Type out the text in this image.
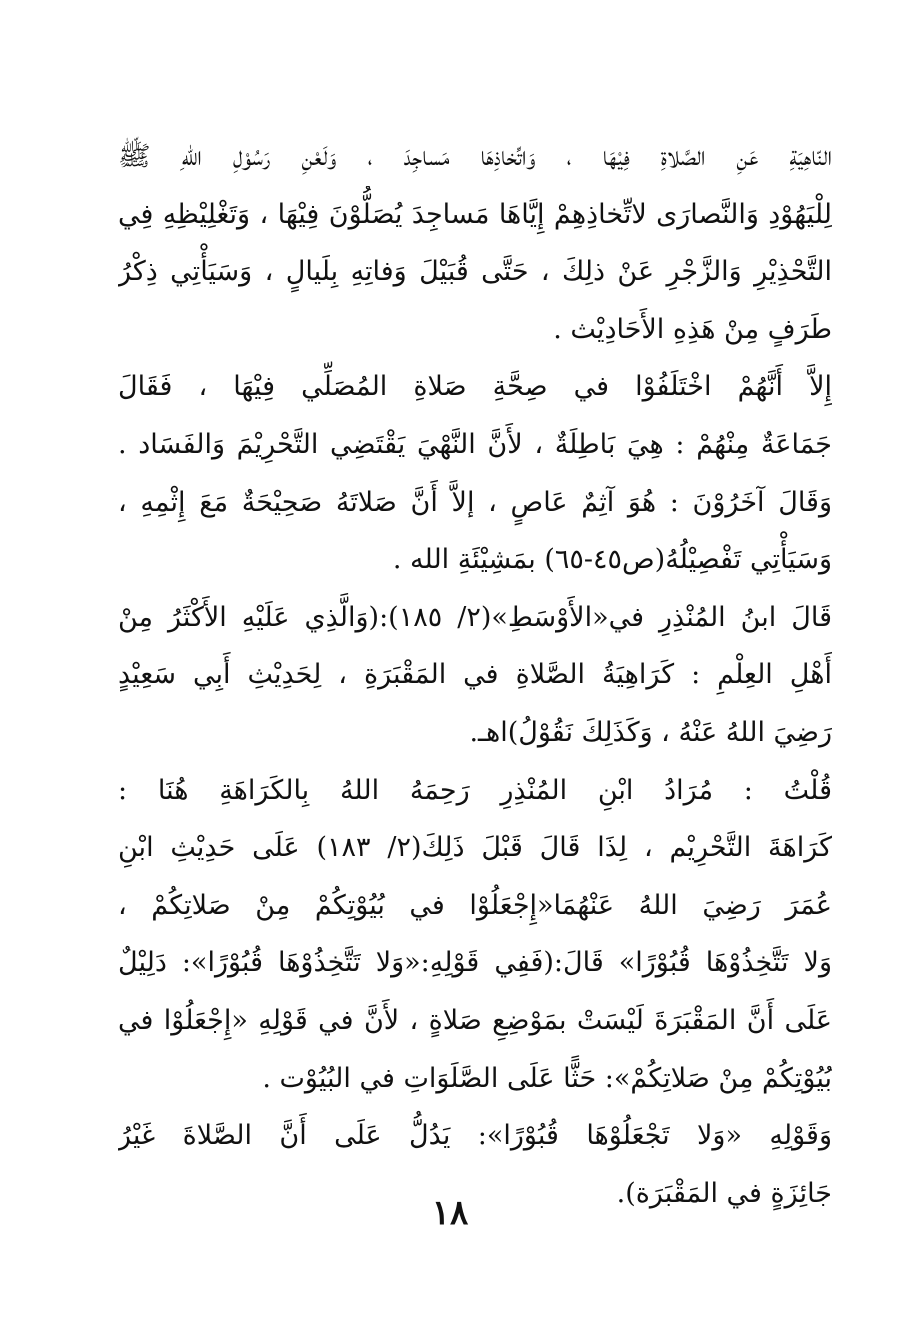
النّاهِيَةِ عَنِ الصَّلاةِ فِيْهَا ، وَاتِّخاذِهَا مَساجِدَ ، وَلَعْنِ رَسُوْلِ اللهِ ﷺ
لِلْيَهُوْدِ وَالنَّصارَى لاتِّخاذِهِمْ إِيَّاهَا مَساجِدَ يُصَلُّوْنَ فِيْهَا ، وَتَغْلِيْظِهِ فِي
التَّحْذِيْرِ وَالزَّجْرِ عَنْ ذلِكَ ، حَتَّى قُبَيْلَ وَفاتِهِ بِلَيالٍ ، وَسَيَأْتِي ذِكْرُ
طَرَفٍ مِنْ هَذِهِ الأَحَادِيْث .
إِلاَّ أَنَّهُمْ اخْتَلَفُوْا في صِحَّةِ صَلاةِ المُصَلِّي فِيْهَا ، فَقَالَ
جَمَاعَةٌ مِنْهُمْ : هِيَ بَاطِلَةٌ ، لأَنَّ النَّهْيَ يَقْتَضِي التَّحْرِيْمَ وَالفَسَاد .
وَقَالَ آخَرُوْنَ : هُوَ آثِمٌ عَاصٍ ، إلاَّ أَنَّ صَلاتَهُ صَحِيْحَةٌ مَعَ إِثْمِهِ ،
وَسَيَأْتِي تَفْصِيْلُهُ(ص٤٥-٦٥) بمَشِيْئَةِ الله .
قَالَ ابنُ المُنْذِرِ في«الأَوْسَطِ»(٢/ ١٨٥):(وَالَّذِي عَلَيْهِ الأَكْثَرُ مِنْ
أَهْلِ العِلْمِ : كَرَاهِيَةُ الصَّلاةِ في المَقْبَرَةِ ، لِحَدِيْثِ أَبِي سَعِيْدٍ
رَضِيَ اللهُ عَنْهُ ، وَكَذَلِكَ نَقُوْلُ)اهـ.
قُلْتُ : مُرَادُ ابْنِ المُنْذِرِ رَحِمَهُ اللهُ بِالكَرَاهَةِ هُنَا :
كَرَاهَةَ التَّحْرِيْم ، لِذَا قَالَ قَبْلَ ذَلِكَ(٢/ ١٨٣) عَلَى حَدِيْثِ ابْنِ
عُمَرَ رَضِيَ اللهُ عَنْهُمَا«إِجْعَلُوْا في بُيُوْتِكُمْ مِنْ صَلاتِكُمْ ،
وَلا تَتَّخِذُوْهَا قُبُوْرًا» قَالَ:(فَفِي قَوْلِهِ:«وَلا تَتَّخِذُوْهَا قُبُوْرًا»: دَلِيْلٌ
عَلَى أَنَّ المَقْبَرَةَ لَيْسَتْ بمَوْضِعِ صَلاةٍ ، لأَنَّ في قَوْلِهِ «إِجْعَلُوْا في
بُيُوْتِكُمْ مِنْ صَلاتِكُمْ»: حَثًّا عَلَى الصَّلَوَاتِ في البُيُوْت .
وَقَوْلِهِ «وَلا تَجْعَلُوْهَا قُبُوْرًا»: يَدُلُّ عَلَى أَنَّ الصَّلاةَ غَيْرُ
جَائِزَةٍ في المَقْبَرَة).
١٨
